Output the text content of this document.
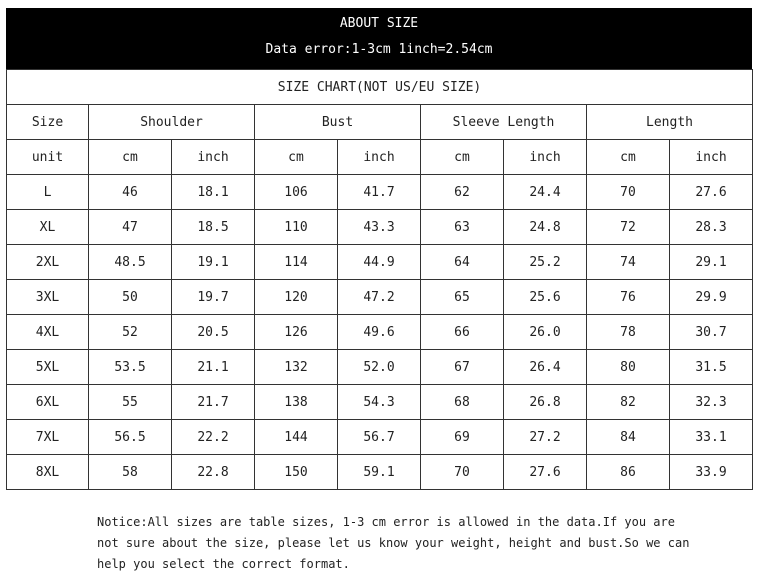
ABOUT SIZE
Data error:1-3cm 1inch=2.54cm
SIZE CHART(NOT US/EU SIZE)								
Size	Shoulder		Bust		Sleeve Length		Length	
unit	cm	inch	cm	inch	cm	inch	cm	inch
L	46	18.1	106	41.7	62	24.4	70	27.6
XL	47	18.5	110	43.3	63	24.8	72	28.3
2XL	48.5	19.1	114	44.9	64	25.2	74	29.1
3XL	50	19.7	120	47.2	65	25.6	76	29.9
4XL	52	20.5	126	49.6	66	26.0	78	30.7
5XL	53.5	21.1	132	52.0	67	26.4	80	31.5
6XL	55	21.7	138	54.3	68	26.8	82	32.3
7XL	56.5	22.2	144	56.7	69	27.2	84	33.1
8XL	58	22.8	150	59.1	70	27.6	86	33.9
Notice:All sizes are table sizes, 1-3 cm error is allowed in the data.If you are
not sure about the size, please let us know your weight, height and bust.So we can
help you select the correct format.
